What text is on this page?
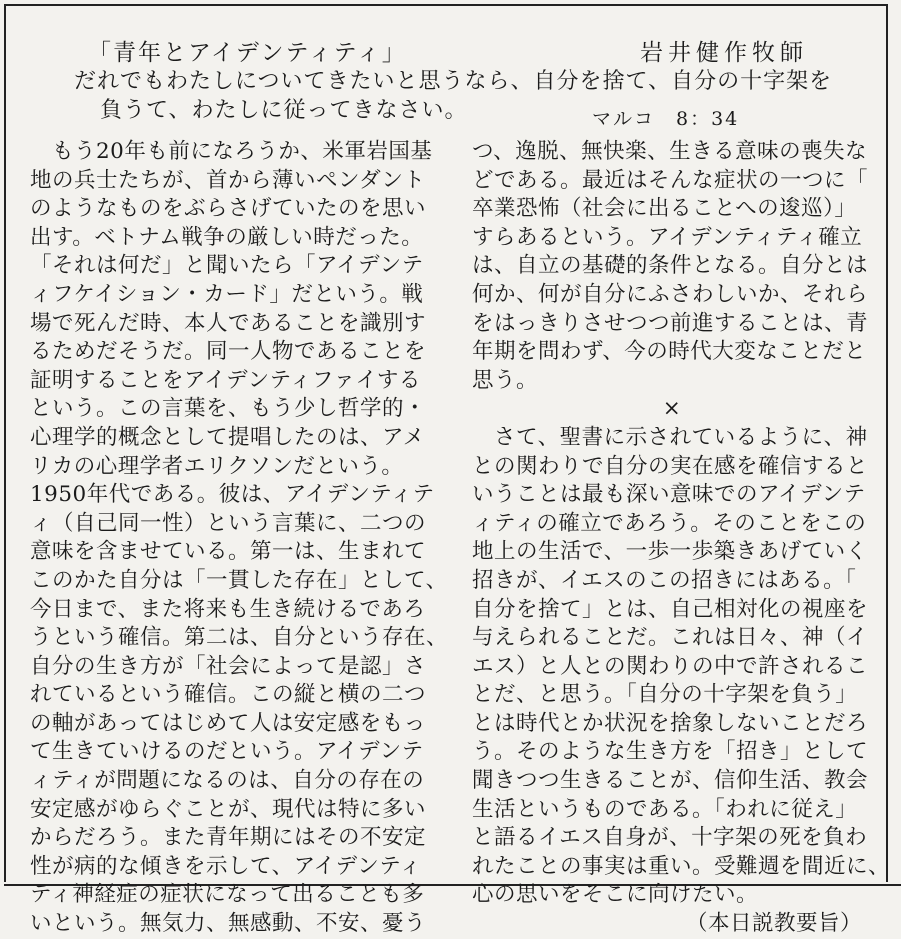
「青年とアイデンティティ」	岩井健作牧師
だれでもわたしについてきたいと思うなら、自分を捨て、自分の十字架を
負うて、わたしに従ってきなさい。	マルコ　8：34
　もう20年も前になろうか、米軍岩国基
地の兵士たちが、首から薄いペンダント
のようなものをぶらさげていたのを思い
出す。ベトナム戦争の厳しい時だった。
「それは何だ」と聞いたら「アイデンテ
ィフケイション・カード」だという。戦
場で死んだ時、本人であることを識別す
るためだそうだ。同一人物であることを
証明することをアイデンティファイする
という。この言葉を、もう少し哲学的・
心理学的概念として提唱したのは、アメ
リカの心理学者エリクソンだという。
1950年代である。彼は、アイデンティテ
ィ（自己同一性）という言葉に、二つの
意味を含ませている。第一は、生まれて
このかた自分は「一貫した存在」として、
今日まで、また将来も生き続けるであろ
うという確信。第二は、自分という存在、
自分の生き方が「社会によって是認」さ
れているという確信。この縦と横の二つ
の軸があってはじめて人は安定感をもっ
て生きていけるのだという。アイデンテ
ィティが問題になるのは、自分の存在の
安定感がゆらぐことが、現代は特に多い
からだろう。また青年期にはその不安定
性が病的な傾きを示して、アイデンティ
ティ神経症の症状になって出ることも多
いという。無気力、無感動、不安、憂う
つ、逸脱、無快楽、生きる意味の喪失な
どである。最近はそんな症状の一つに「
卒業恐怖（社会に出ることへの逡巡）」
すらあるという。アイデンティティ確立
は、自立の基礎的条件となる。自分とは
何か、何が自分にふさわしいか、それら
をはっきりさせつつ前進することは、青
年期を問わず、今の時代大変なことだと
思う。
×
　さて、聖書に示されているように、神
との関わりで自分の実在感を確信すると
いうことは最も深い意味でのアイデンテ
ィティの確立であろう。そのことをこの
地上の生活で、一歩一歩築きあげていく
招きが、イエスのこの招きにはある。「
自分を捨て」とは、自己相対化の視座を
与えられることだ。これは日々、神（イ
エス）と人との関わりの中で許されるこ
とだ、と思う。「自分の十字架を負う」
とは時代とか状況を捨象しないことだろ
う。そのような生き方を「招き」として
聞きつつ生きることが、信仰生活、教会
生活というものである。「われに従え」
と語るイエス自身が、十字架の死を負わ
れたことの事実は重い。受難週を間近に、
心の思いをそこに向けたい。
（本日説教要旨）
